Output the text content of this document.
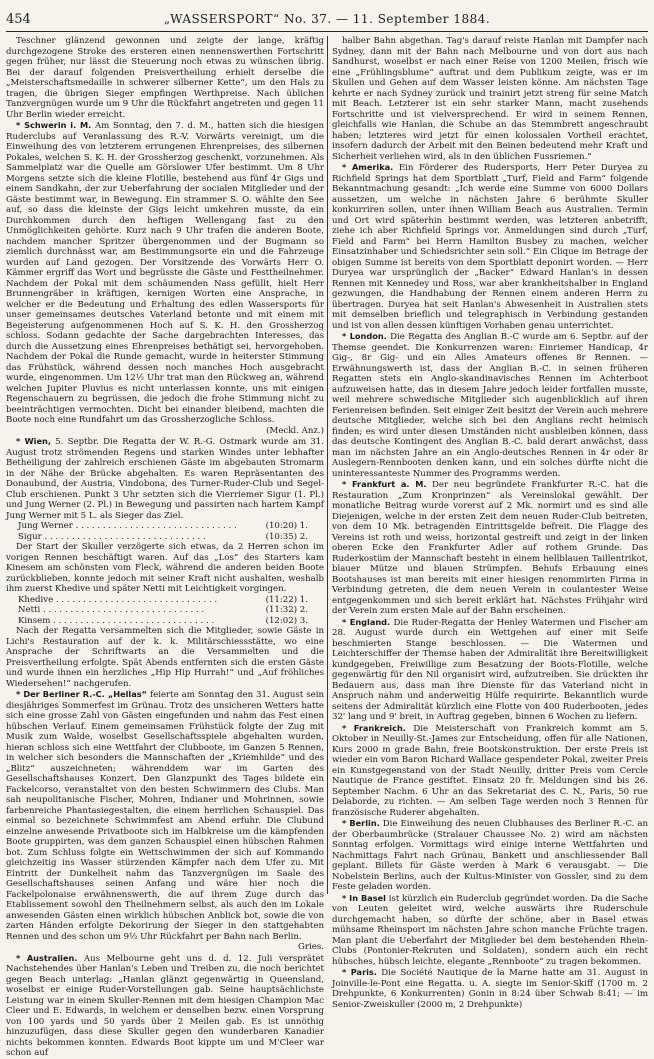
454	„WASSERSPORT“ No. 37. — 11. September 1884.

Teschner glänzend gewonnen und zeigte der lange, kräftig durchgezogene Stroke des ersteren einen nennenswerthen Fortschritt gegen früher, nur lässt die Steuerung noch etwas zu wünschen übrig. Bei der darauf folgenden Preisvertheilung erhielt derselbe die „Meisterschaftsmedaille in schwerer silberner Kette“, um den Hals zu tragen, die übrigen Sieger empfingen Werthpreise. Nach üblichen Tanzvergnügen wurde um 9 Uhr die Rückfahrt angetreten und gegen 11 Uhr Berlin wieder erreicht.

* Schwerin i. M. Am Sonntag, den 7. d. M., hatten sich die hiesigen Ruderclubs auf Veranlassung des R.-V. Vorwärts vereinigt, um die Einweihung des von letzterem errungenen Ehrenpreises, des silbernen Pokales, welchen S. K. H. der Grossherzog geschenkt, vorzunehmen. Als Sammelplatz war die Quelle am Görslower Ufer bestimmt. Um 8 Uhr Morgens setzte sich die kleine Flotille, bestehend aus fünf 4r Gigs und einem Sandkahn, der zur Ueberfahrung der socialen Mitglieder und der Gäste bestimmt war, in Bewegung. Ein strammer S. O. wählte den See auf, so dass die kleinste der Gigs leicht umkehren musste, da ein Durchkommen durch den heftigen Wellengang fast zu den Unmöglichkeiten gehörte. Kurz nach 9 Uhr trafen die anderen Boote, nachdem mancher Spritzer übergenommen und der Bugmann so ziemlich durchnässt war, am Bestimmungsorte ein und die Fahrzeuge wurden auf Land gezogen. Der Vorsitzende des Vorwärts Herr O. Kämmer ergriff das Wort und begrüsste die Gäste und Festtheilnehmer. Nachdem der Pokal mit dem schäumenden Nass gefüllt, hielt Herr Brunnengräber in kräftigen, kernigen Worten eine Ansprache, in welcher er die Bedeutung und Erhaltung des edlen Wassersports für unser gemeinsames deutsches Vaterland betonte und mit einem mit Begeisterung aufgenommenen Hoch auf S. K. H. den Grossherzog schloss. Sodann gedachte der Sache dargebrachten Interesses, das durch die Aussetzung eines Ehrenpreises bethätigt sei, hervorgehoben. Nachdem der Pokal die Runde gemacht, wurde in heiterster Stimmung das Frühstück, während dessen noch manches Hoch ausgebracht wurde, eingenommen. Um 12½ Uhr trat man den Rückweg an, während welchen Jupiter Pluvius es nicht unterlassen konnte, uns mit einigen Regenschauern zu begrüssen, die jedoch die frohe Stimmung nicht zu beeinträchtigen vermochten. Dicht bei einander bleibend, machten die Boote noch eine Rundfahrt um das Grossherzogliche Schloss.

(Meckl. Anz.)

* Wien, 5. Septbr. Die Regatta der W. R.-G. Ostmark wurde am 31. August trotz strömenden Regens und starken Windes unter lebhafter Betheiligung der zahlreich erschienen Gäste im abgebauten Stromarm in der Nähe der Brücke abgehalten. Es waren Repräsentanten des Donaubund, der Austria, Vindobona, des Turner-Ruder-Club und Segel-Club erschienen. Punkt 3 Uhr setzten sich die Vierriemer Sigur (1. Pl.) und Jung Werner (2. Pl.) in Bewegung und passirten nach hartem Kampf Jung Werner mit 5 L. als Sieger das Ziel.

Jung Werner . . .	(10:20) 1.
Sigur . . .	(10:35) 2.

Der Start der Skuller verzögerte sich etwas, da 2 Herren schon im vorigen Rennen beschäftigt waren. Auf das „Los“ des Starters kam Kinesem am schönsten vom Fleck, während die anderen beiden Boote zurückblieben, konnte jedoch mit seiner Kraft nicht aushalten, weshalb ihm zuerst Khedive und später Netti mit Leichtigkeit vorgingen.

Khedive . . .	(11:22) 1.
Netti . . .	(11:32) 2.
Kinsem . . .	(12:02) 3.

Nach der Regatta versammelten sich die Mitglieder, sowie Gäste in Lichi's Restauration auf der k. k. Militärschiessstätte, wo eine Ansprache der Schriftwarts an die Versammelten und die Preisvertheilung erfolgte. Spät Abends entfernten sich die ersten Gäste und wurde ihnen ein herzliches „Hip Hip Hurrah!“ und „Auf fröhliches Wiedersehen!“ nachgerufen.

* Der Berliner R.-C. „Hellas“ feierte am Sonntag den 31. August sein diesjähriges Sommerfest im Grünau. Trotz des unsicheren Wetters hatte sich eine grosse Zahl von Gästen eingefunden und nahm das Fest einen hübschen Verlauf. Einem gemeinsamen Frühstück folgte der Zug mit Musik zum Walde, woselbst Gesellschaftsspiele abgehalten wurden, hieran schloss sich eine Wettfahrt der Clubboote, im Ganzen 5 Rennen, in welcher sich besonders die Mannschaften der „Kriemhilde“ und des „Blitz“ auszeichneten; währenddem war im Garten des Gesellschaftshauses Konzert. Den Glanzpunkt des Tages bildete ein Fackelcorso, veranstaltet von den besten Schwimmern des Clubs. Man sah neupolitanische Fischer, Mohren, Indianer und Mohrinnen, sowie farbenreiche Phantasiegestalten, die einem herrlichen Schauspiel. Das einmal so bezeichnete Schwimmfest am Abend erfuhr. Die Clubund einzelne anwesende Privatboote sich im Halbkreise um die kämpfenden Boote gruppirten, was dem ganzen Schauspiel einen hübschen Rahmen bot. Zum Schluss folgte ein Wettschwimmen der sich auf Kommando gleichzeitig ins Wasser stürzenden Kämpfer nach dem Ufer zu. Mit Eintritt der Dunkelheit nahm das Tanzvergnügen im Saale des Gesellschaftshauses seinen Anfang und wäre hier noch die Fackelpolonaise erwähnenswerth, die auf ihrem Zuge durch das Etablissement sowohl den Theilnehmern selbst, als auch den im Lokale anwesenden Gästen einen wirklich hübschen Anblick bot, sowie die von zarten Händen erfolgte Dekorirung der Sieger in den stattgehabten Rennen und des schon um 9½ Uhr Rückfahrt per Bahn nach Berlin.

Gries.

* Australien. Aus Melbourne geht uns d. d. 12. Juli versprätet Nachstehendes über Hanlan's Leben und Treiben zu, die noch berichtet gegen Beach unterlag: „Hanlan glänzt gegenwärtig in Queensland, woselbst er einige Ruder-Vorstellungen gab. Seine hauptsächlichste Leistung war in einem Skuller-Rennen mit dem hiesigen Champion Mac Cleer und E. Edwards, in welchem er denselben bezw. einen Vorsprung von 100 yards und 50 yards über 2 Meilen gab. Es ist unnöthig hinzuzufügen, dass diese Skuller gegen den wunderbaren Kanadier nichts bekommen konnten. Edwards Boot kippte um und M'Cleer war schon auf

halber Bahn abgethan. Tag's darauf reiste Hanlan mit Dampfer nach Sydney, dann mit der Bahn nach Melbourne und von dort aus nach Sandhurst, woselbst er nach einer Reise von 1200 Meilen, frisch wie eine „Frühlingsblume“ auftrat und dem Publikum zeigte, was er im Skullen und Gehen auf dem Wasser leisten könne. Am nächsten Tage kehrte er nach Sydney zurück und trainirt jetzt streng für seine Match mit Beach. Letzterer ist ein sehr starker Mann, macht zusehends Fortschritte und ist vielversprechend. Er wird in seinem Rennen, gleichfalls wie Hanlan, die Schube an das Stemmbrett angeschraubt haben; letzteres wird jetzt für einen kolossalen Vortheil erachtet, insofern dadurch der Arbeit mit den Beinen bedeutend mehr Kraft und Sicherheit verliehen wird, als in den üblichen Fussriemen.“

* Amerika. Ein Förderer des Rudersports, Herr Peter Duryea zu Richfield Springs hat dem Sportblatt „Turf, Field and Farm“ folgende Bekanntmachung gesandt: „Ich werde eine Summe von 6000 Dollars aussetzen, um welche in nächsten Jahre 6 berühmte Skuller konkurriren sollen, unter ihnen William Beach aus Australien. Termin und Ort wird späterhin bestimmt werden, was letzteren anbetrifft, ziehe ich aber Richfield Springs vor. Anmeldungen sind durch „Turf, Field and Farm“ bei Herrn Hamilton Busbey zu machen, welcher Einsatzinhaber und Schiedsrichter sein soll.“ Ein Clique im Betrage der obigen Summe ist bereits von dem Sportblatt deponirt worden. — Herr Duryea war ursprünglich der „Backer“ Edward Hanlan's in dessen Rennen mit Kennedey und Ross, war aber krankheitshalber in England gezwungen, die Handhabung der Rennen einem anderen Herrn zu übertragen. Duryea hat seit Hanlan's Abwesenheit in Australien stets mit demselben brieflich und telegraphisch in Verbindung gestanden und ist von allen dessen künftigen Vorhaben genau unterrichtet.

* London. Die Regatta des Anglian B.-C wurde am 6. Septbr. auf der Themse geendet. Die Konkurrenzen waren: Einriemer Handicap, 4r Gig-, 8r Gig- und ein Alles Amateurs offenes 8r Rennen. — Erwähnungswerth ist, dass der Anglian B.-C. in seinen früheren Regatten stets ein Anglo-skandinavisches Rennen im Achterboot aufzuweisen hatte, das in diesem Jahre jedoch leider fortfallen musste, weil mehrere schwedische Mitglieder sich augenblicklich auf ihren Ferienreisen befinden. Seit einiger Zeit besitzt der Verein auch mehrere deutsche Mitglieder, welche sich bei den Anglians recht heimisch finden; es wird unter diesen Umständen nicht ausbleiben können, dass das deutsche Kontingent des Anglian B.-C. bald derart anwächst, dass man im nächsten Jahre an ein Anglo-deutsches Rennen in 4r oder 8r Auslegern-Rennbooten denken kann, und ein solches dürfte nicht die uninteressanteste Nummer des Programms werden.

* Frankfurt a. M. Der neu begründete Frankfurter R.-C. hat die Restauration „Zum Kronprinzen“ als Vereinslokal gewählt. Der monatliche Beitrag wurde vorerst auf 2 Mk. normirt und es sind alle Diejenigen, welche in der ersten Zeit dem neuen Ruder-Club beitreten, von dem 10 Mk. betragenden Eintrittsgelde befreit. Die Flagge des Vereins ist roth und weiss, horizontal gestreift und zeigt in der linken oberen Ecke den Frankfurter Adler auf rothem Grunde. Das Ruderkostüm der Mannschaft besteht in einem hellblauen Taillentrikot, blauer Mütze und blauen Strümpfen. Behufs Erbauung eines Bootshauses ist man bereits mit einer hiesigen renommirten Firma in Verbindung getreten, die dem neuen Verein in coulantester Weise entgegenkommen und sich bereit erklärt hat. Nächstes Frühjahr wird der Verein zum ersten Male auf der Bahn erscheinen.

* England. Die Ruder-Regatta der Henley Watermen und Fischer am 28. August wurde durch ein Wettgehen auf einer mit Seife beschmierten Stange beschlossen. — Die Watermen und Leichterschiffer der Themse haben der Admiralität ihre Bereitwilligkeit kundgegeben, Freiwillige zum Besatzung der Boots-Flotille, welche gegenwärtig für den Nil organisirt wird, aufzutreiben. Sie drückten ihr Bedauern aus, dass man ihre Dienste für das Vaterland nicht in Anspruch nahm und anderweitig Hülfe requirirte. Bekanntlich wurde seitens der Admiralität kürzlich eine Flotte von 400 Ruderbooten, jedes 32' lang und 9' breit, in Auftrag gegeben, binnen 6 Wochen zu liefern.

* Frankreich. Die Meisterschaft von Frankreich kommt am 5. Oktober in Neuilly-St.-James zur Entscheidung, offen für alle Nationen, Kurs 2000 m grade Bahn, freie Bootskonstruktion. Der erste Preis ist wieder ein vom Baron Richard Wallace gespendeter Pokal, zweiter Preis ein Kunstgegenstand von der Stadt Neuilly, dritter Preis vom Cercle Nautique de France gestiftet. Einsatz 20 fr. Meldungen sind bis 26. September Nachm. 6 Uhr an das Sekretariat des C. N., Paris, 50 rue Delaborde, zu richten. — Am selben Tage werden noch 3 Rennen für französische Ruderer abgehalten.

* Berlin. Die Einweihung des neuen Clubhauses des Berliner R.-C. an der Oberbaumbrücke (Stralauer Chaussee No. 2) wird am nächsten Sonntag erfolgen. Vormittags wird einige interne Wettfahrten und Nachmittags Fahrt nach Grünau, Bankett und anschliessender Ball geplant. Billets für Gäste werden à Mark 6 verausgabt. — Die Nobelstein Berlins, auch der Kultus-Minister von Gossler, sind zu dem Feste geladen worden.

* In Basel ist kürzlich ein Ruderclub gegründet worden. Da die Sache von Leuten geleitet wird, welche auswärts ihre Ruderschule durchgemacht haben, so dürfte der schöne, aber in Basel etwas mühsame Rheinsport im nächsten Jahre schon manche Früchte tragen. Man plant die Ueberfahrt der Mitglieder bei dem bestehenden Rhein-Clubs (Pontonier-Rekruten und Soldaten), sondern auch ein recht hübsches, hübsch leichte, elegante „Rennboote“ zu tragen bekommen.

* Paris. Die Société Nautique de la Marne hatte am 31. August in Joinville-le-Pont eine Regatta. u. A. siegte im Senior-Skiff (1700 m. 2 Drehpunkte, 6 Konkurrenten) Gonin in 8:24 über Schwab 8:41; — im Senior-Zweiskuller (2000 m, 2 Drehpunkte)
